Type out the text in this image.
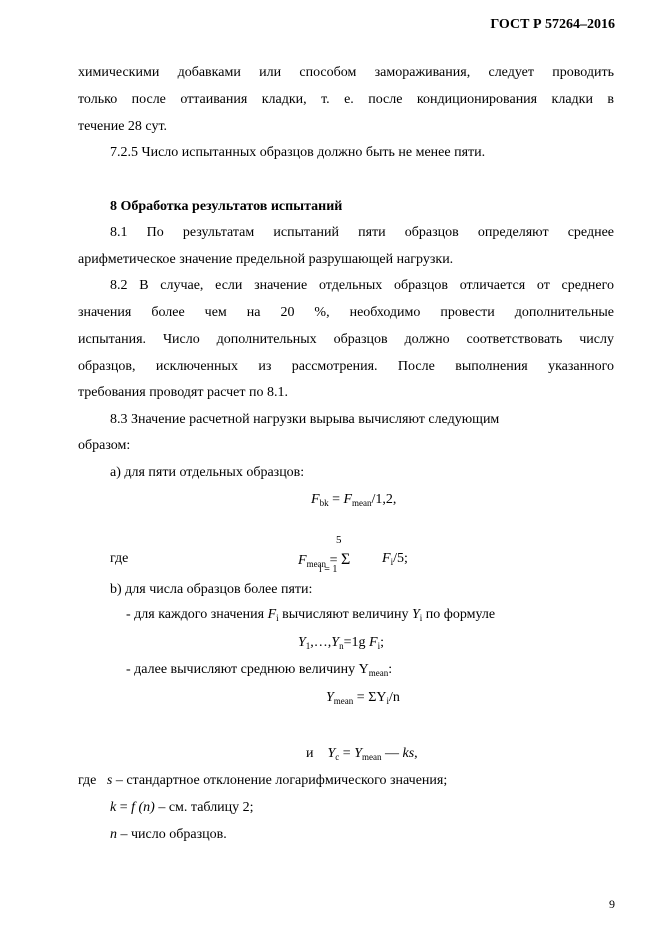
ГОСТ Р 57264–2016
химическими добавками или способом замораживания, следует проводить
только после оттаивания кладки, т. е. после кондиционирования кладки в
течение 28 сут.
7.2.5 Число испытанных образцов должно быть не менее пяти.
8 Обработка результатов испытаний
8.1 По результатам испытаний пяти образцов определяют среднее
арифметическое значение предельной разрушающей нагрузки.
8.2 В случае, если значение отдельных образцов отличается от среднего
значения более чем на 20 %, необходимо провести дополнительные
испытания. Число дополнительных образцов должно соответствовать числу
образцов, исключенных из рассмотрения. После выполнения указанного
требования проводят расчет по 8.1.
8.3 Значение расчетной нагрузки вырыва вычисляют следующим
образом:
а) для пяти отдельных образцов:
$F_{bk} = F_{mean}/1,2$,
где
5
$F_{mean} = \Sigma$
i = 1
$F_i/5$;
b) для числа образцов более пяти:
- для каждого значения $F_i$ вычисляют величину $Y_i$ по формуле
$Y_1,\dots,Y_n=1g$ $F_i$;
- далее вычисляют среднюю величину $Y_{mean}$:
$Y_{mean} = \Sigma Y_i/n$
и $Y_c = Y_{mean}$ — ks,
где s – стандартное отклонение логарифмического значения;
k = f (n) – см. таблицу 2;
n – число образцов.
9
